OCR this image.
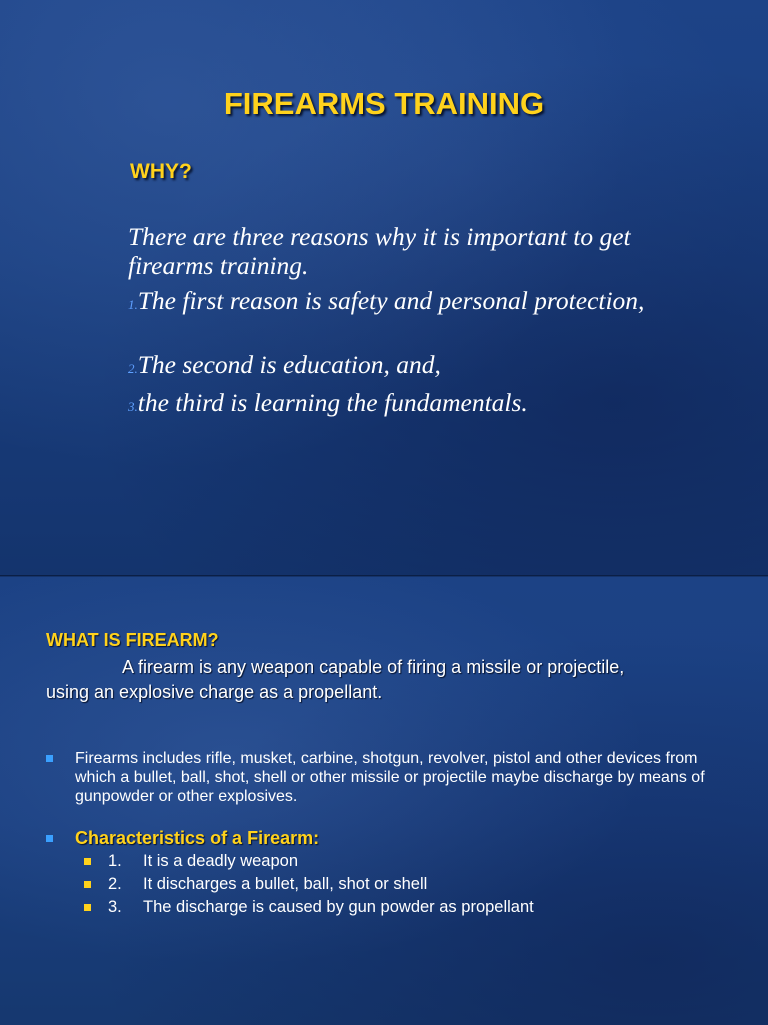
FIREARMS TRAINING
WHY?
There are three reasons why it is important to get firearms training.
1.The first reason is safety and personal protection,
2.The second is education, and,
3.the third is learning the fundamentals.
WHAT IS FIREARM?
A firearm is any weapon capable of firing a missile or projectile, using an explosive charge as a propellant.
Firearms includes rifle, musket, carbine, shotgun, revolver, pistol and other devices from which a bullet, ball, shot, shell or other missile or projectile maybe discharge by means of gunpowder or other explosives.
Characteristics of a Firearm:
1. It is a deadly weapon
2. It discharges a bullet, ball, shot or shell
3. The discharge is caused by gun powder as propellant
